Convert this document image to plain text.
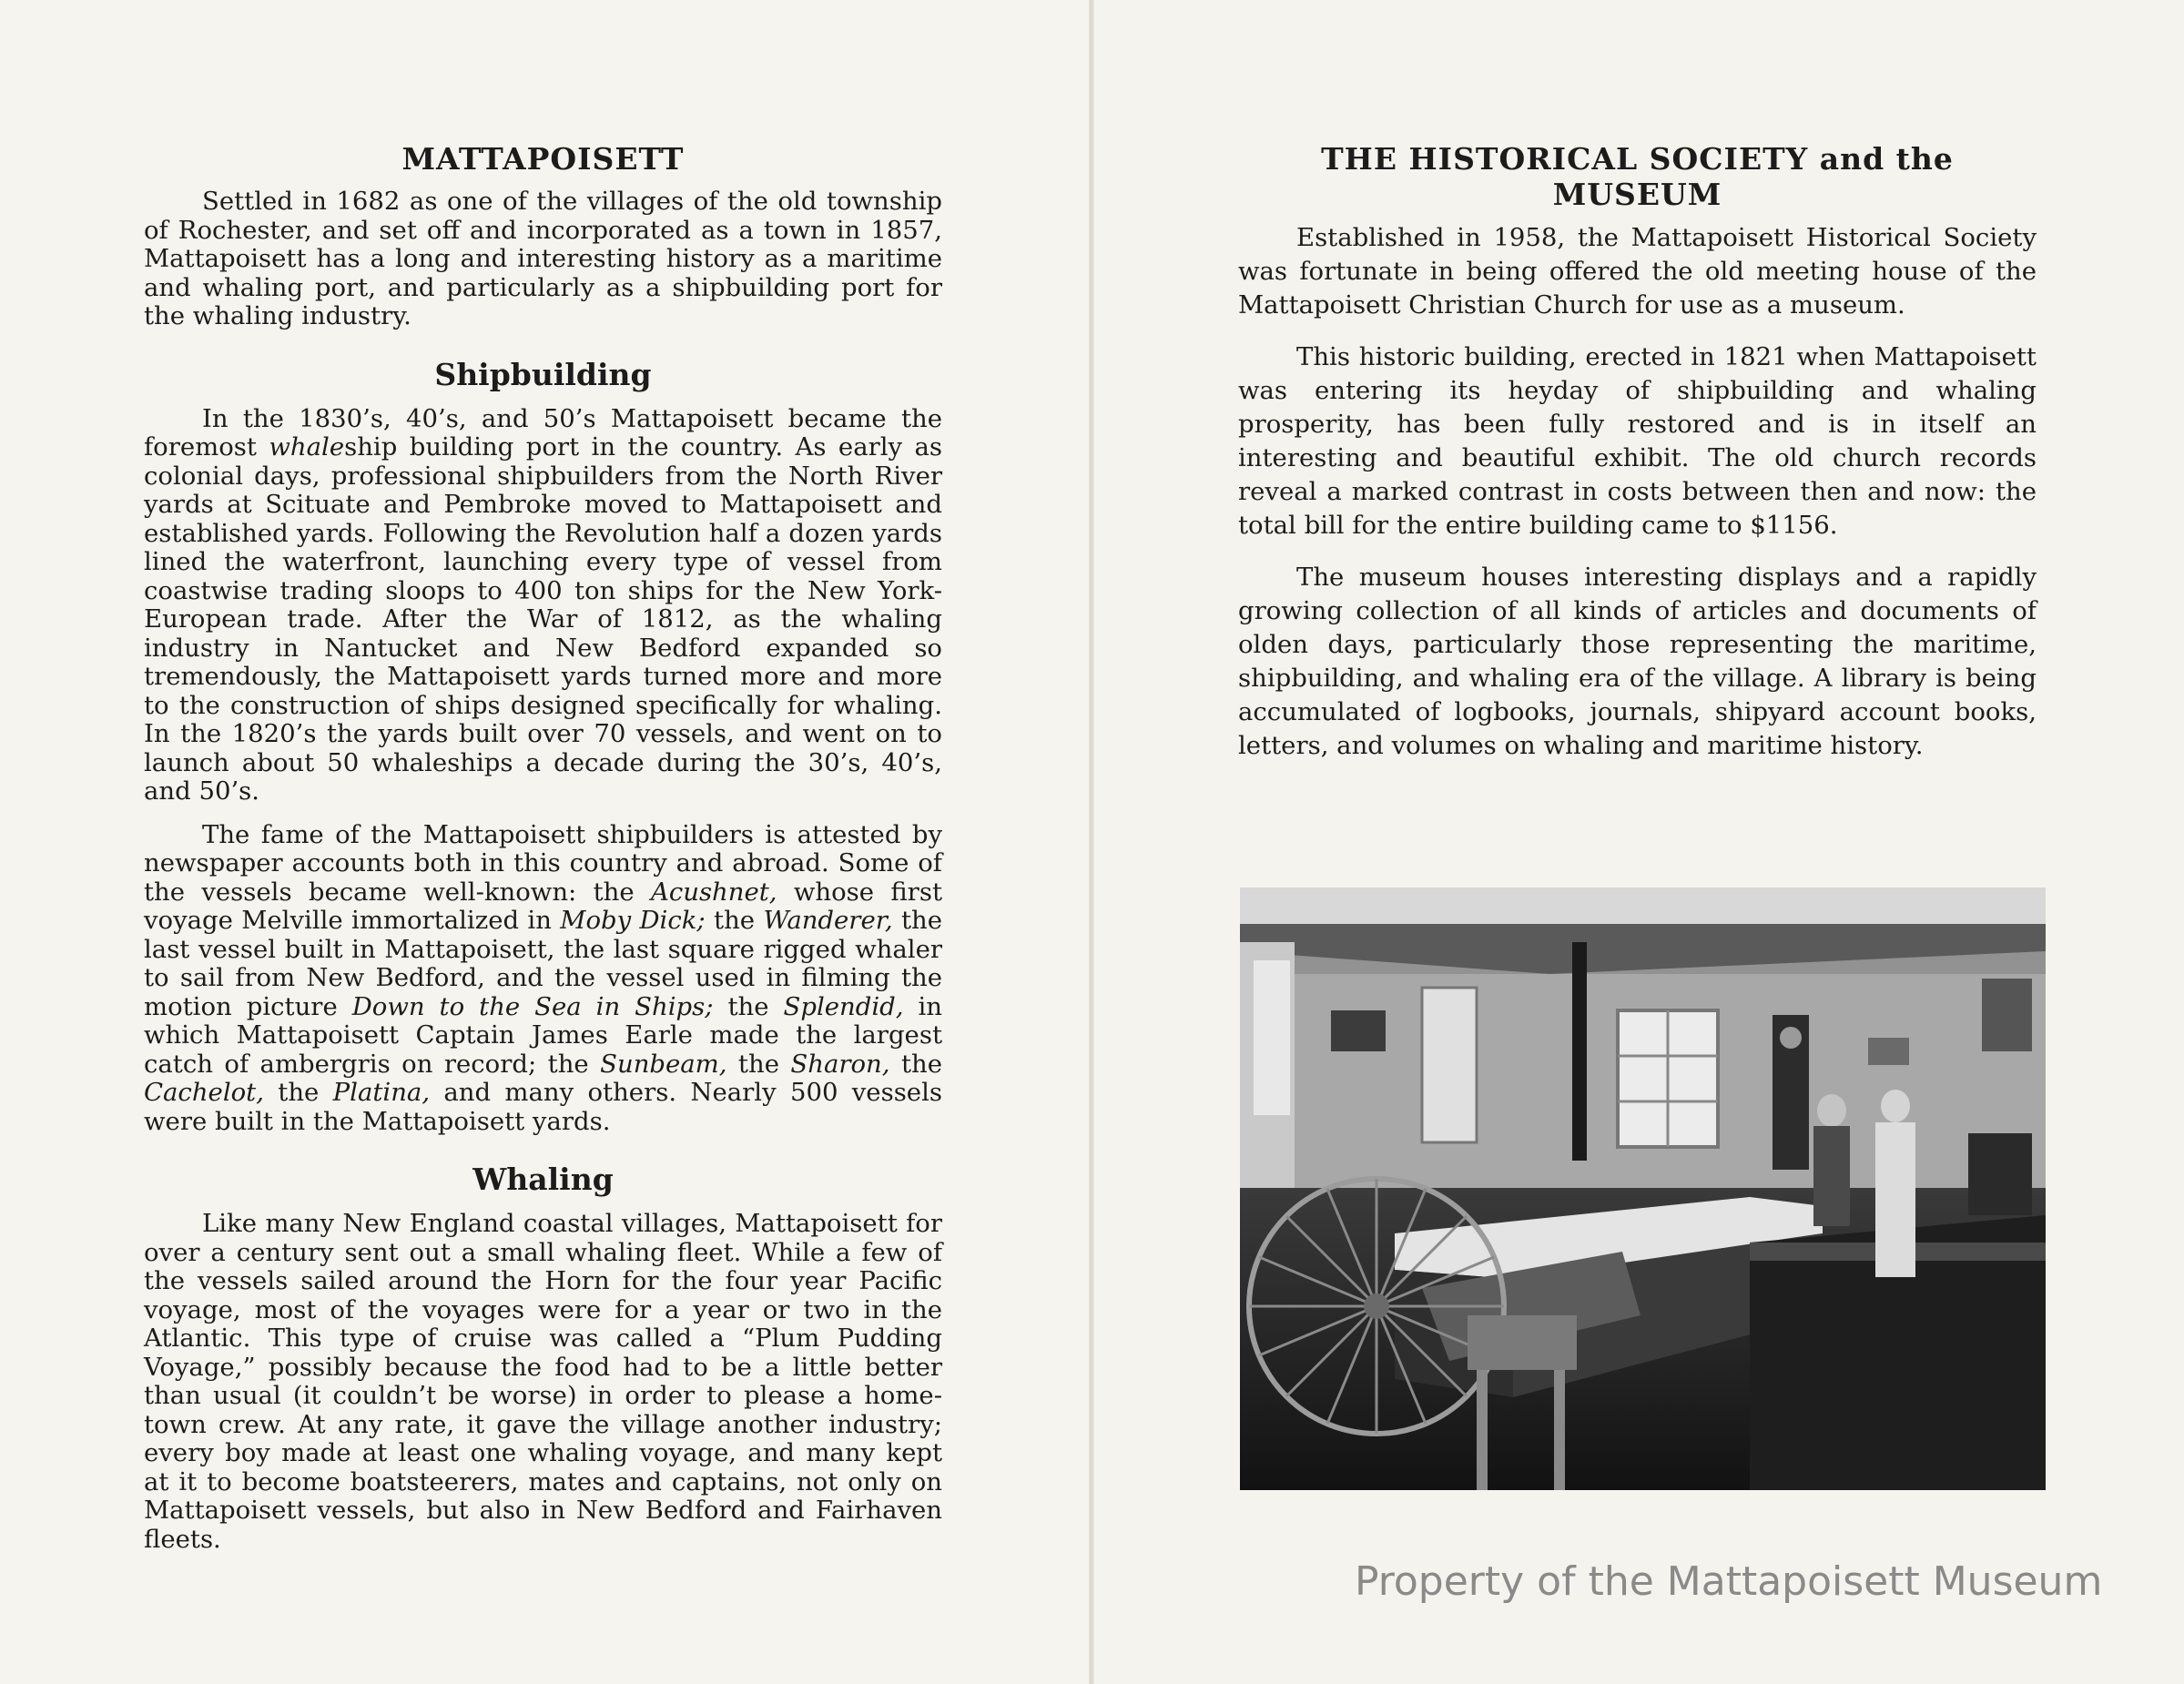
MATTAPOISETT

Settled in 1682 as one of the villages of the old township of Rochester, and set off and incorporated as a town in 1857, Mattapoisett has a long and interesting history as a maritime and whaling port, and particularly as a shipbuilding port for the whaling industry.

Shipbuilding

In the 1830’s, 40’s, and 50’s Mattapoisett became the foremost whaleship building port in the country. As early as colonial days, professional shipbuilders from the North River yards at Scituate and Pembroke moved to Mattapoisett and established yards. Following the Revolution half a dozen yards lined the waterfront, launching every type of vessel from coastwise trading sloops to 400 ton ships for the New York-European trade. After the War of 1812, as the whaling industry in Nantucket and New Bedford expanded so tremendously, the Mattapoisett yards turned more and more to the construction of ships designed specifically for whaling. In the 1820’s the yards built over 70 vessels, and went on to launch about 50 whaleships a decade during the 30’s, 40’s, and 50’s.

The fame of the Mattapoisett shipbuilders is attested by newspaper accounts both in this country and abroad. Some of the vessels became well-known: the Acushnet, whose first voyage Melville immortalized in Moby Dick; the Wanderer, the last vessel built in Mattapoisett, the last square rigged whaler to sail from New Bedford, and the vessel used in filming the motion picture Down to the Sea in Ships; the Splendid, in which Mattapoisett Captain James Earle made the largest catch of ambergris on record; the Sunbeam, the Sharon, the Cachelot, the Platina, and many others. Nearly 500 vessels were built in the Mattapoisett yards.

Whaling

Like many New England coastal villages, Mattapoisett for over a century sent out a small whaling fleet. While a few of the vessels sailed around the Horn for the four year Pacific voyage, most of the voyages were for a year or two in the Atlantic. This type of cruise was called a “Plum Pudding Voyage,” possibly because the food had to be a little better than usual (it couldn’t be worse) in order to please a home-town crew. At any rate, it gave the village another industry; every boy made at least one whaling voyage, and many kept at it to become boatsteerers, mates and captains, not only on Mattapoisett vessels, but also in New Bedford and Fairhaven fleets.

THE HISTORICAL SOCIETY and the MUSEUM

Established in 1958, the Mattapoisett Historical Society was fortunate in being offered the old meeting house of the Mattapoisett Christian Church for use as a museum.

This historic building, erected in 1821 when Mattapoisett was entering its heyday of shipbuilding and whaling prosperity, has been fully restored and is in itself an interesting and beautiful exhibit. The old church records reveal a marked contrast in costs between then and now: the total bill for the entire building came to $1156.

The museum houses interesting displays and a rapidly growing collection of all kinds of articles and documents of olden days, particularly those representing the maritime, shipbuilding, and whaling era of the village. A library is being accumulated of logbooks, journals, shipyard account books, letters, and volumes on whaling and maritime history.

Property of the Mattapoisett Museum
